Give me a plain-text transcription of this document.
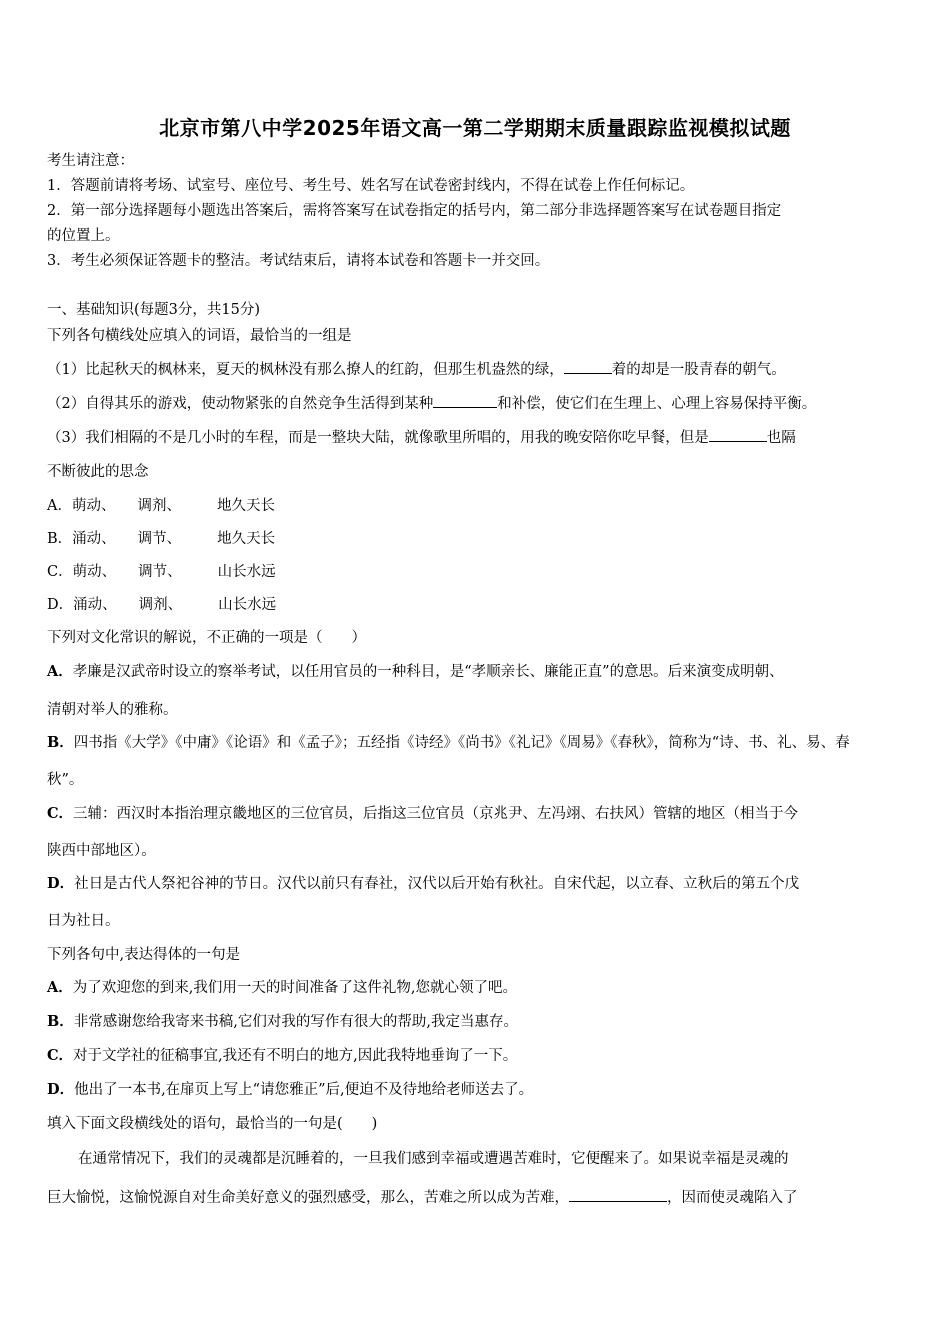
北京市第八中学2025年语文高一第二学期期末质量跟踪监视模拟试题
考生请注意：
1．答题前请将考场、试室号、座位号、考生号、姓名写在试卷密封线内，不得在试卷上作任何标记。
2．第一部分选择题每小题选出答案后，需将答案写在试卷指定的括号内，第二部分非选择题答案写在试卷题目指定
的位置上。
3．考生必须保证答题卡的整洁。考试结束后，请将本试卷和答题卡一并交回。
一、基础知识(每题3分，共15分)
下列各句横线处应填入的词语，最恰当的一组是
（1）比起秋天的枫林来，夏天的枫林没有那么撩人的红韵，但那生机盎然的绿，	着的却是一股青春的朝气。
（2）自得其乐的游戏，使动物紧张的自然竞争生活得到某种	和补偿，使它们在生理上、心理上容易保持平衡。
（3）我们相隔的不是几小时的车程，而是一整块大陆，就像歌里所唱的，用我的晚安陪你吃早餐，但是	也隔
不断彼此的思念
A．萌动、 调剂、 地久天长
B．涌动、 调节、 地久天长
C．萌动、 调节、 山长水远
D．涌动、 调剂、 山长水远
下列对文化常识的解说，不正确的一项是（　　）
A．孝廉是汉武帝时设立的察举考试，以任用官员的一种科目，是“孝顺亲长、廉能正直”的意思。后来演变成明朝、
清朝对举人的雅称。
B．四书指《大学》《中庸》《论语》和《孟子》；五经指《诗经》《尚书》《礼记》《周易》《春秋》，简称为“诗、书、礼、易、春
秋”。
C．三辅：西汉时本指治理京畿地区的三位官员，后指这三位官员（京兆尹、左冯翊、右扶风）管辖的地区（相当于今
陕西中部地区）。
D．社日是古代人祭祀谷神的节日。汉代以前只有春社，汉代以后开始有秋社。自宋代起，以立春、立秋后的第五个戊
日为社日。
下列各句中,表达得体的一句是
A．为了欢迎您的到来,我们用一天的时间准备了这件礼物,您就心领了吧。
B．非常感谢您给我寄来书稿,它们对我的写作有很大的帮助,我定当惠存。
C．对于文学社的征稿事宜,我还有不明白的地方,因此我特地垂询了一下。
D．他出了一本书,在扉页上写上“请您雅正”后,便迫不及待地给老师送去了。
填入下面文段横线处的语句，最恰当的一句是(　　)
在通常情况下，我们的灵魂都是沉睡着的，一旦我们感到幸福或遭遇苦难时，它便醒来了。如果说幸福是灵魂的
巨大愉悦，这愉悦源自对生命美好意义的强烈感受，那么，苦难之所以成为苦难，	，因而使灵魂陷入了
